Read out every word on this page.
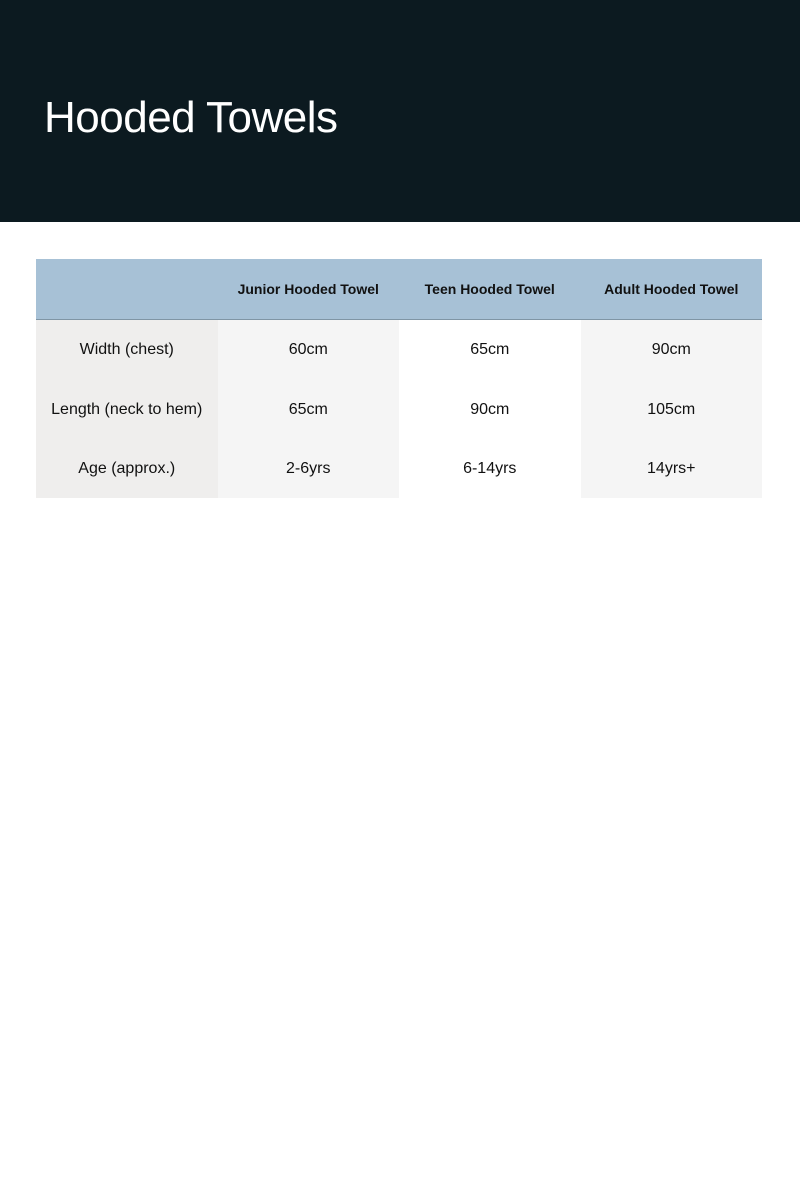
Hooded Towels
	Junior Hooded Towel	Teen Hooded Towel	Adult Hooded Towel
Width (chest)	60cm	65cm	90cm
Length (neck to hem)	65cm	90cm	105cm
Age (approx.)	2-6yrs	6-14yrs	14yrs+
